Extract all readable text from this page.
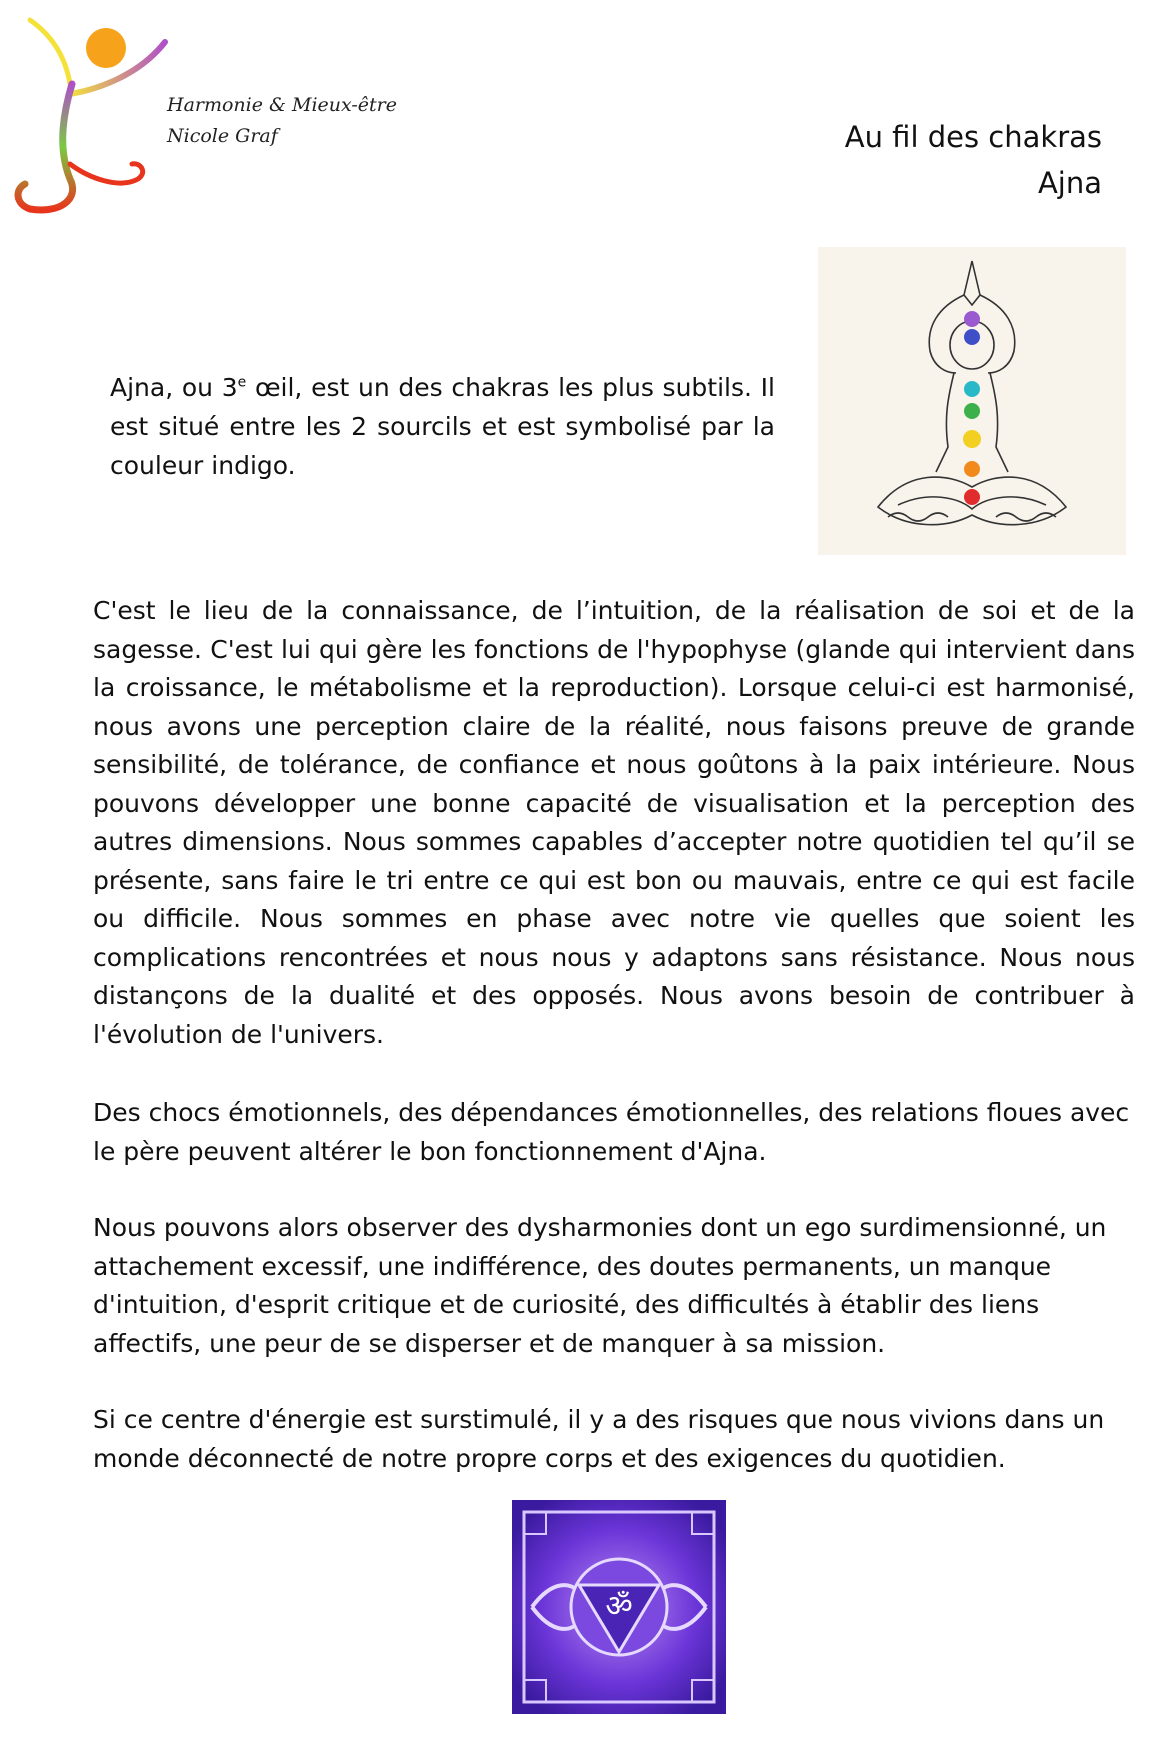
Harmonie & Mieux-être
Nicole Graf	Au fil des chakras
Ajna
Ajna, ou 3e œil, est un des chakras les plus subtils. Il est situé entre les 2 sourcils et est symbolisé par la couleur indigo.
C'est le lieu de la connaissance, de l’intuition, de la réalisation de soi et de la sagesse. C'est lui qui gère les fonctions de l'hypophyse (glande qui intervient dans la croissance, le métabolisme et la reproduction). Lorsque celui-ci est harmonisé, nous avons une perception claire de la réalité, nous faisons preuve de grande sensibilité, de tolérance, de confiance et nous goûtons à la paix intérieure. Nous pouvons développer une bonne capacité de visualisation et la perception des autres dimensions. Nous sommes capables d’accepter notre quotidien tel qu’il se présente, sans faire le tri entre ce qui est bon ou mauvais, entre ce qui est facile ou difficile. Nous sommes en phase avec notre vie quelles que soient les complications rencontrées et nous nous y adaptons sans résistance. Nous nous distançons de la dualité et des opposés. Nous avons besoin de contribuer à l'évolution de l'univers.
Des chocs émotionnels, des dépendances émotionnelles, des relations floues avec le père peuvent altérer le bon fonctionnement d'Ajna.
Nous pouvons alors observer des dysharmonies dont un ego surdimensionné, un attachement excessif, une indifférence, des doutes permanents, un manque d'intuition, d'esprit critique et de curiosité, des difficultés à établir des liens affectifs, une peur de se disperser et de manquer à sa mission.
Si ce centre d'énergie est surstimulé, il y a des risques que nous vivions dans un monde déconnecté de notre propre corps et des exigences du quotidien.
ॐ
